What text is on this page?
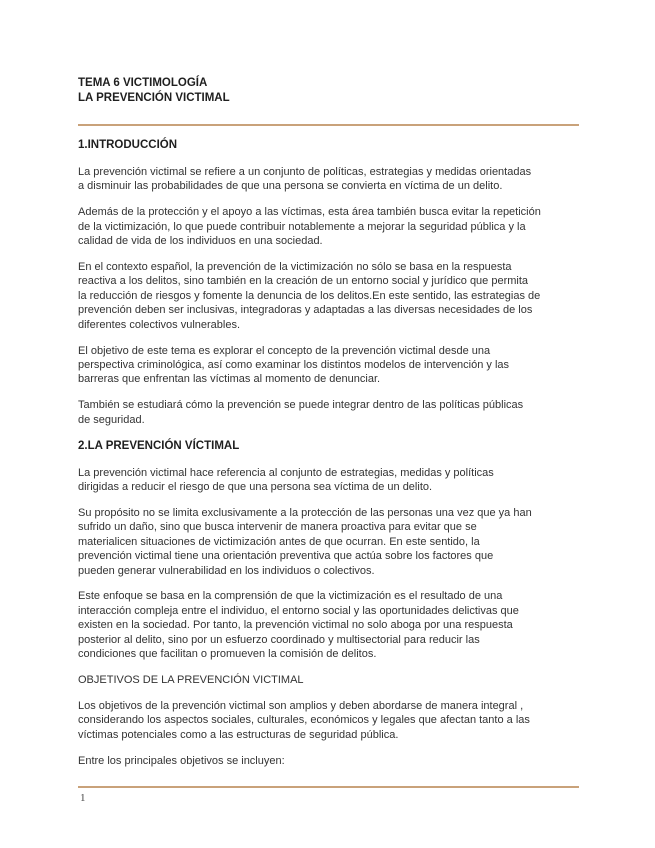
TEMA 6 VICTIMOLOGÍA

LA PREVENCIÓN VICTIMAL

1.INTRODUCCIÓN

La prevención victimal se refiere a un conjunto de políticas, estrategias y medidas orientadas
a disminuir las probabilidades de que una persona se convierta en víctima de un delito.

Además de la protección y el apoyo a las víctimas, esta área también busca evitar la repetición
de la victimización, lo que puede contribuir notablemente a mejorar la seguridad pública y la
calidad de vida de los individuos en una sociedad.

En el contexto español, la prevención de la victimización no sólo se basa en la respuesta
reactiva a los delitos, sino también en la creación de un entorno social y jurídico que permita
la reducción de riesgos y fomente la denuncia de los delitos.En este sentido, las estrategias de
prevención deben ser inclusivas, integradoras y adaptadas a las diversas necesidades de los
diferentes colectivos vulnerables.

El objetivo de este tema es explorar el concepto de la prevención victimal desde una
perspectiva criminológica, así como examinar los distintos modelos de intervención y las
barreras que enfrentan las víctimas al momento de denunciar.

También se estudiará cómo la prevención se puede integrar dentro de las políticas públicas
de seguridad.

2.LA PREVENCIÓN VÍCTIMAL

La prevención victimal hace referencia al conjunto de estrategias, medidas y políticas
dirigidas a reducir el riesgo de que una persona sea víctima de un delito.

Su propósito no se limita exclusivamente a la protección de las personas una vez que ya han
sufrido un daño, sino que busca intervenir de manera proactiva para evitar que se
materialicen situaciones de victimización antes de que ocurran. En este sentido, la
prevención victimal tiene una orientación preventiva que actúa sobre los factores que
pueden generar vulnerabilidad en los individuos o colectivos.

Este enfoque se basa en la comprensión de que la victimización es el resultado de una
interacción compleja entre el individuo, el entorno social y las oportunidades delictivas que
existen en la sociedad. Por tanto, la prevención victimal no solo aboga por una respuesta
posterior al delito, sino por un esfuerzo coordinado y multisectorial para reducir las
condiciones que facilitan o promueven la comisión de delitos.

OBJETIVOS DE LA PREVENCIÓN VICTIMAL

Los objetivos de la prevención victimal son amplios y deben abordarse de manera integral ,
considerando los aspectos sociales, culturales, económicos y legales que afectan tanto a las
víctimas potenciales como a las estructuras de seguridad pública.

Entre los principales objetivos se incluyen:

1
